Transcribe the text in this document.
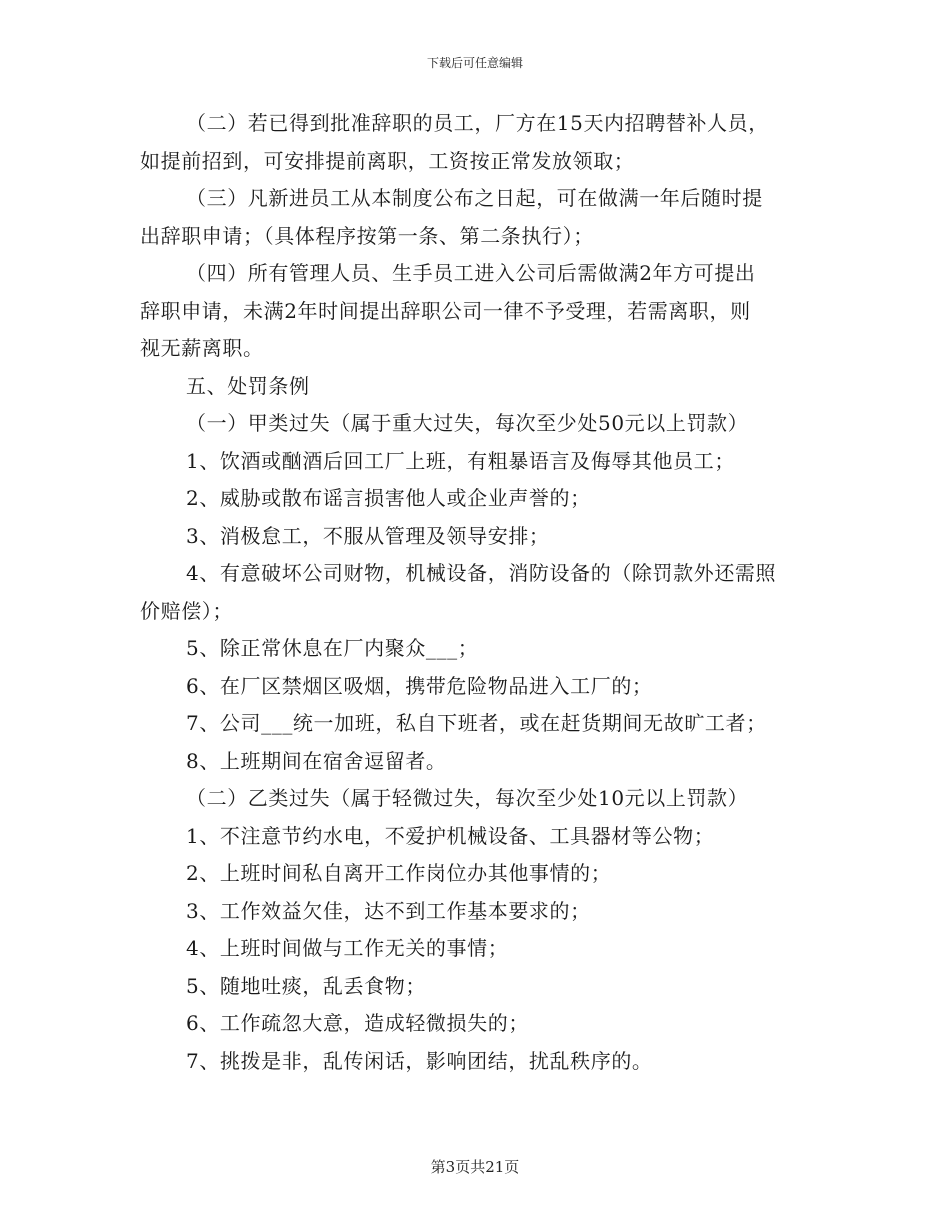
下载后可任意编辑
（二）若已得到批准辞职的员工，厂方在15天内招聘替补人员，
如提前招到，可安排提前离职，工资按正常发放领取；
（三）凡新进员工从本制度公布之日起，可在做满一年后随时提
出辞职申请；（具体程序按第一条、第二条执行）；
（四）所有管理人员、生手员工进入公司后需做满2年方可提出
辞职申请，未满2年时间提出辞职公司一律不予受理，若需离职，则
视无薪离职。
五、处罚条例
（一）甲类过失（属于重大过失，每次至少处50元以上罚款）
1、饮酒或酗酒后回工厂上班，有粗暴语言及侮辱其他员工；
2、威胁或散布谣言损害他人或企业声誉的；
3、消极怠工，不服从管理及领导安排；
4、有意破坏公司财物，机械设备，消防设备的（除罚款外还需照
价赔偿）；
5、除正常休息在厂内聚众___；
6、在厂区禁烟区吸烟，携带危险物品进入工厂的；
7、公司___统一加班，私自下班者，或在赶货期间无故旷工者；
8、上班期间在宿舍逗留者。
（二）乙类过失（属于轻微过失，每次至少处10元以上罚款）
1、不注意节约水电，不爱护机械设备、工具器材等公物；
2、上班时间私自离开工作岗位办其他事情的；
3、工作效益欠佳，达不到工作基本要求的；
4、上班时间做与工作无关的事情；
5、随地吐痰，乱丢食物；
6、工作疏忽大意，造成轻微损失的；
7、挑拨是非，乱传闲话，影响团结，扰乱秩序的。
第3页共21页
